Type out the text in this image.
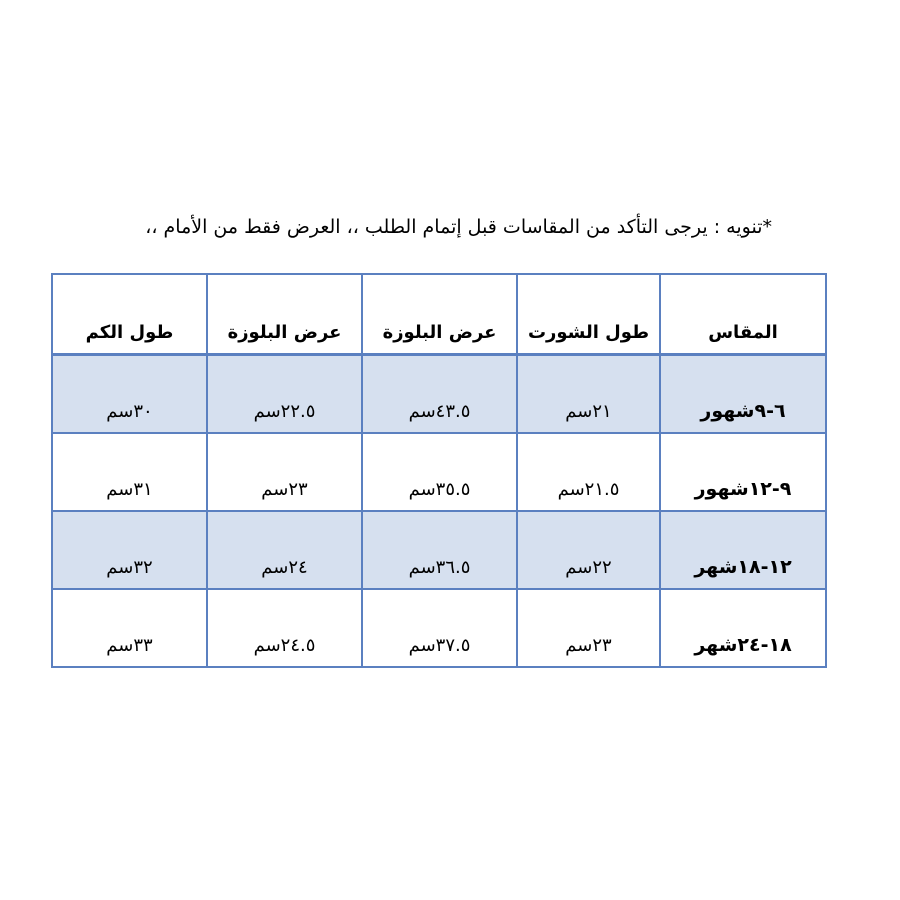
*تنويه : يرجى التأكد من المقاسات قبل إتمام الطلب ،، العرض فقط من الأمام ،،
المقاس	طول الشورت	عرض البلوزة	عرض البلوزة	طول الكم
٦-٩شهور	٢١سم	٤٣.٥سم	٢٢.٥سم	٣٠سم
٩-١٢شهور	٢١.٥سم	٣٥.٥سم	٢٣سم	٣١سم
١٢-١٨شهر	٢٢سم	٣٦.٥سم	٢٤سم	٣٢سم
١٨-٢٤شهر	٢٣سم	٣٧.٥سم	٢٤.٥سم	٣٣سم
